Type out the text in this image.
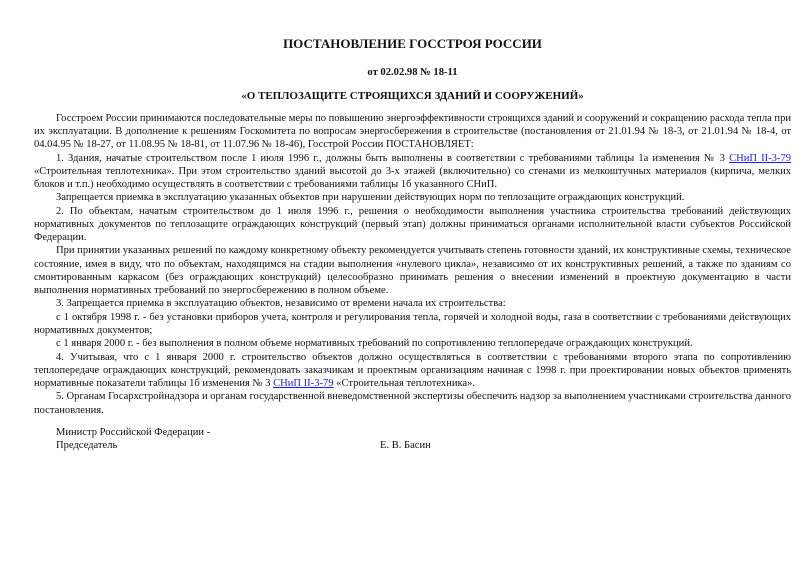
ПОСТАНОВЛЕНИЕ ГОССТРОЯ РОССИИ
от 02.02.98 № 18-11
«О ТЕПЛОЗАЩИТЕ СТРОЯЩИХСЯ ЗДАНИЙ И СООРУЖЕНИЙ»

Госстроем России принимаются последовательные меры по повышению энергоэффективности строящихся зданий и сооружений и сокращению расхода тепла при их эксплуатации. В дополнение к решениям Госкомитета по вопросам энергосбережения в строительстве (постановления от 21.01.94 № 18-3, от 21.01.94 № 18-4, от 04.04.95 № 18-27, от 11.08.95 № 18-81, от 11.07.96 № 18-46), Госстрой России ПОСТАНОВЛЯЕТ:

1. Здания, начатые строительством после 1 июля 1996 г., должны быть выполнены в соответствии с требованиями таблицы 1а изменения № 3 СНиП II-3-79 «Строительная теплотехника». При этом строительство зданий высотой до 3-х этажей (включительно) со стенами из мелкоштучных материалов (кирпича, мелких блоков и т.п.) необходимо осуществлять в соответствии с требованиями таблицы 1б указанного СНиП.

Запрещается приемка в эксплуатацию указанных объектов при нарушении действующих норм по теплозащите ограждающих конструкций.

2. По объектам, начатым строительством до 1 июля 1996 г., решения о необходимости выполнения участника строительства требований действующих нормативных документов по теплозащите ограждающих конструкций (первый этап) должны приниматься органами исполнительной власти субъектов Российской Федерации.

При принятии указанных решений по каждому конкретному объекту рекомендуется учитывать степень готовности зданий, их конструктивные схемы, техническое состояние, имея в виду, что по объектам, находящимся на стадии выполнения «нулевого цикла», независимо от их конструктивных решений, а также по зданиям со смонтированным каркасом (без ограждающих конструкций) целесообразно принимать решения о внесении изменений в проектную документацию в части выполнения нормативных требований по энергосбережению в полном объеме.

3. Запрещается приемка в эксплуатацию объектов, независимо от времени начала их строительства:

с 1 октября 1998 г. - без установки приборов учета, контроля и регулирования тепла, горячей и холодной воды, газа в соответствии с требованиями действующих нормативных документов;

с 1 января 2000 г. - без выполнения в полном объеме нормативных требований по сопротивлению теплопередаче ограждающих конструкций.

4. Учитывая, что с 1 января 2000 г. строительство объектов должно осуществляться в соответствии с требованиями второго этапа по сопротивлению теплопередаче ограждающих конструкций, рекомендовать заказчикам и проектным организациям начиная с 1998 г. при проектировании новых объектов применять нормативные показатели таблицы 1б изменения № 3 СНиП II-3-79 «Строительная теплотехника».

5. Органам Госархстройнадзора и органам государственной вневедомственной экспертизы обеспечить надзор за выполнением участниками строительства данного постановления.

Министр Российской Федерации -
Председатель	Е. В. Басин
